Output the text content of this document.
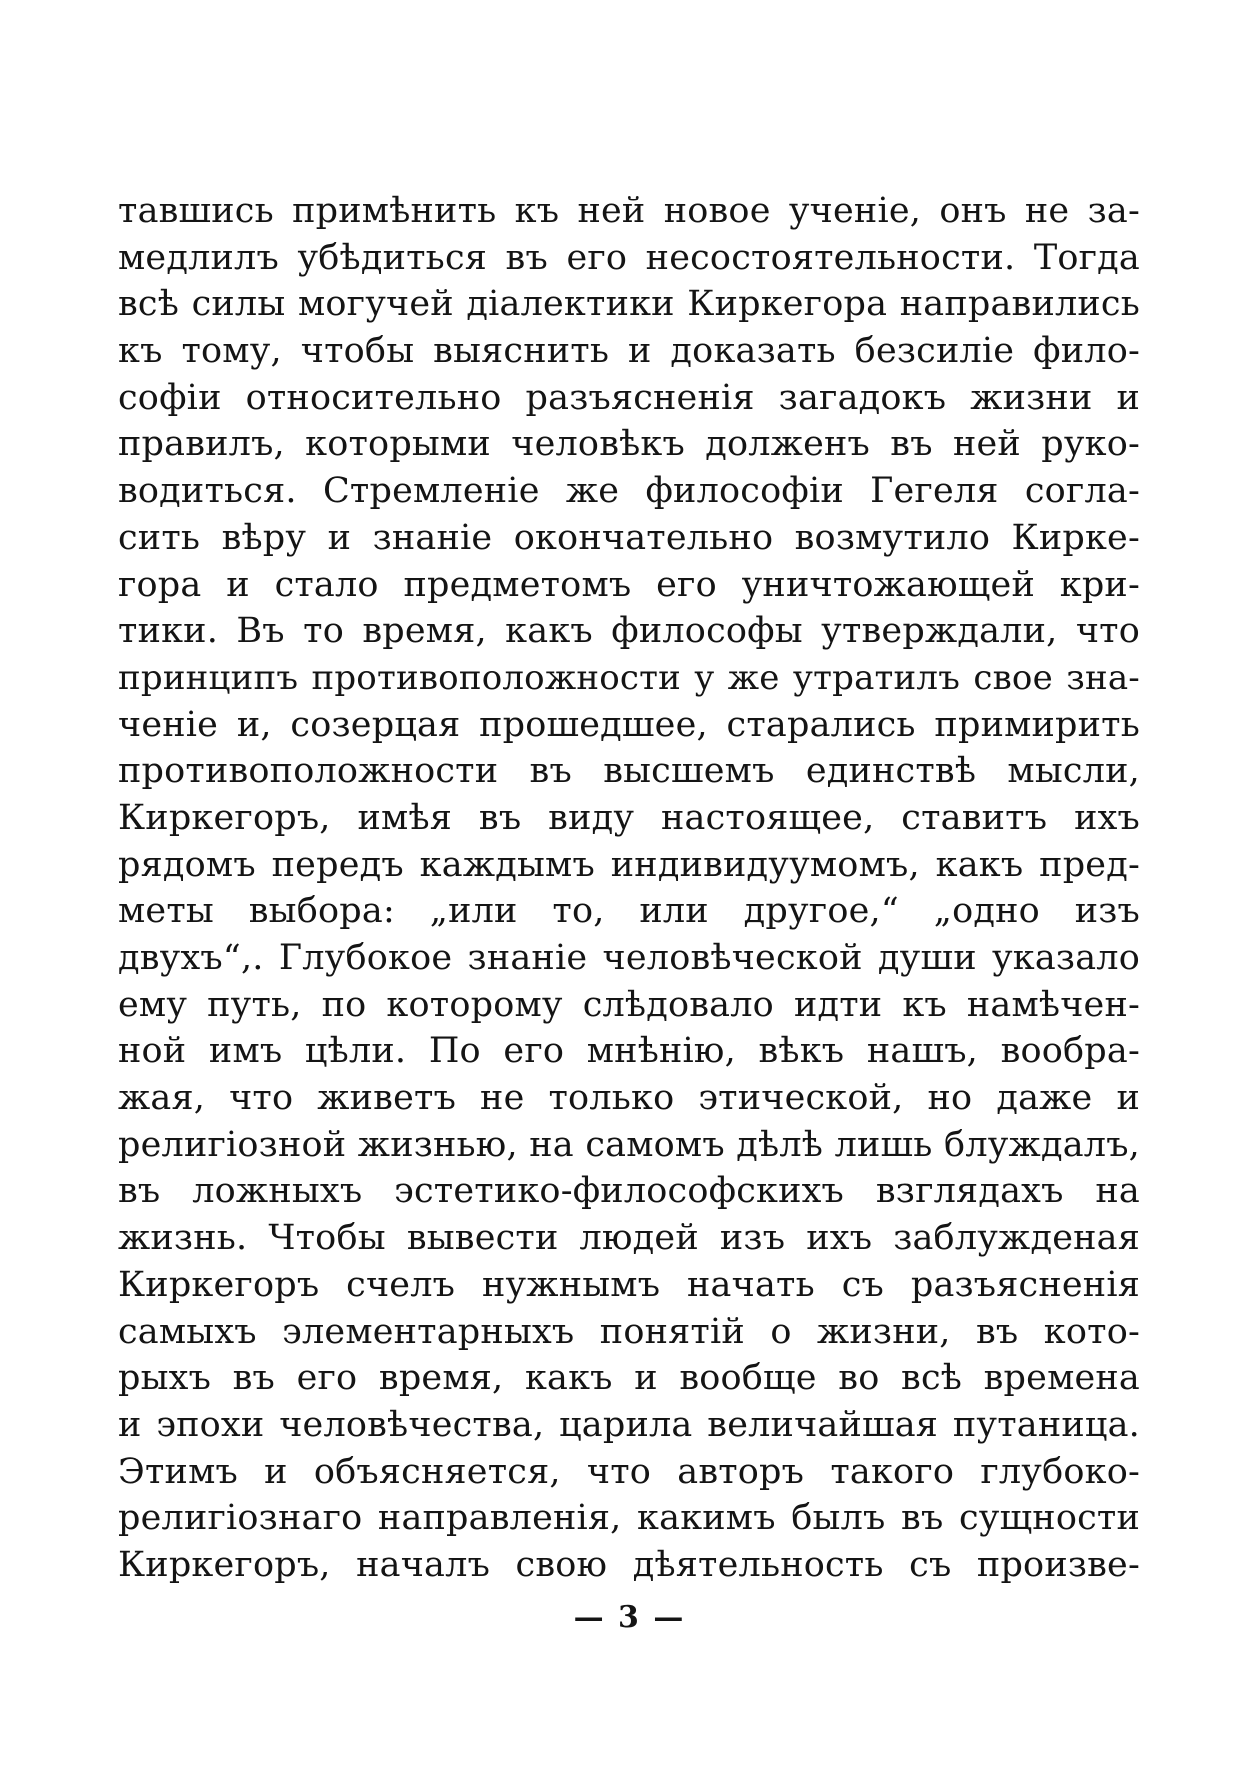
тавшись примѣнить къ ней новое ученiе, онъ не за-
медлилъ убѣдиться въ его несостоятельности. Тогда
всѣ силы могучей дiалектики Киркегора направились
къ тому, чтобы выяснить и доказать безсилiе фило-
софiи относительно разъясненiя загадокъ жизни и
правилъ, которыми человѣкъ долженъ въ ней руко-
водиться. Стремленiе же философiи Гегеля согла-
сить вѣру и знанiе окончательно возмутило Кирке-
гора и стало предметомъ его уничтожающей кри-
тики. Въ то время, какъ философы утверждали, что
принципъ противоположности у же утратилъ свое зна-
ченiе и, созерцая прошедшее, старались примирить
противоположности въ высшемъ единствѣ мысли,
Киркегоръ, имѣя въ виду настоящее, ставитъ ихъ
рядомъ передъ каждымъ индивидуумомъ, какъ пред-
меты выбора: „или то, или другое,“ „одно изъ
двухъ“,. Глубокое знанiе человѣческой души указало
ему путь, по которому слѣдовало идти къ намѣчен-
ной имъ цѣли. По его мнѣнiю, вѣкъ нашъ, вообра-
жая, что живетъ не только этической, но даже и
религiозной жизнью, на самомъ дѣлѣ лишь блуждалъ,
въ ложныхъ эстетико-философскихъ взглядахъ на
жизнь. Чтобы вывести людей изъ ихъ заблужденая
Киркегоръ счелъ нужнымъ начать съ разъясненiя
самыхъ элементарныхъ понятiй о жизни, въ кото-
рыхъ въ его время, какъ и вообще во всѣ времена
и эпохи человѣчества, царила величайшая путаница.
Этимъ и объясняется, что авторъ такого глубоко-
религiознаго направленiя, какимъ былъ въ сущности
Киркегоръ, началъ свою дѣятельность съ произве-
— 3 —
